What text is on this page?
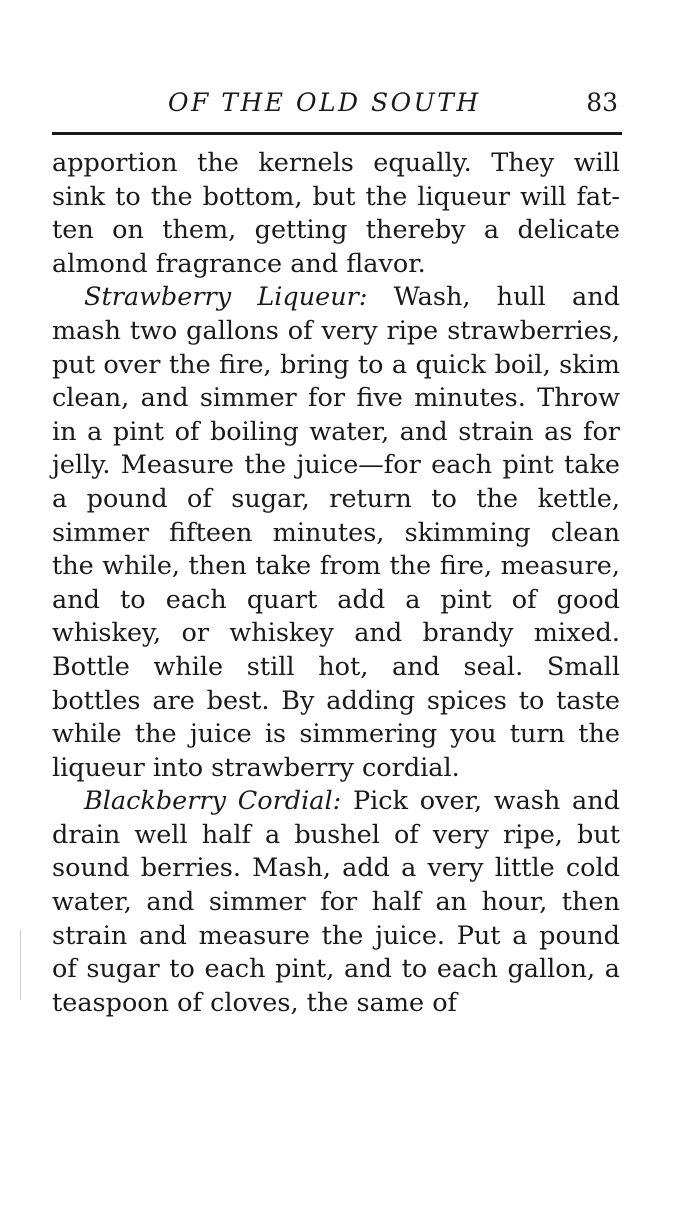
OF THE OLD SOUTH	83

apportion the kernels equally. They will sink to the bottom, but the liqueur will fat- ten on them, getting thereby a delicate almond fragrance and flavor.

Strawberry Liqueur: Wash, hull and mash two gallons of very ripe strawberries, put over the fire, bring to a quick boil, skim clean, and simmer for five minutes. Throw in a pint of boiling water, and strain as for jelly. Measure the juice—for each pint take a pound of sugar, return to the kettle, simmer fifteen minutes, skimming clean the while, then take from the fire, measure, and to each quart add a pint of good whiskey, or whiskey and brandy mixed. Bottle while still hot, and seal. Small bottles are best. By adding spices to taste while the juice is simmering you turn the liqueur into strawberry cordial.

Blackberry Cordial: Pick over, wash and drain well half a bushel of very ripe, but sound berries. Mash, add a very little cold water, and simmer for half an hour, then strain and measure the juice. Put a pound of sugar to each pint, and to each gallon, a teaspoon of cloves, the same of
